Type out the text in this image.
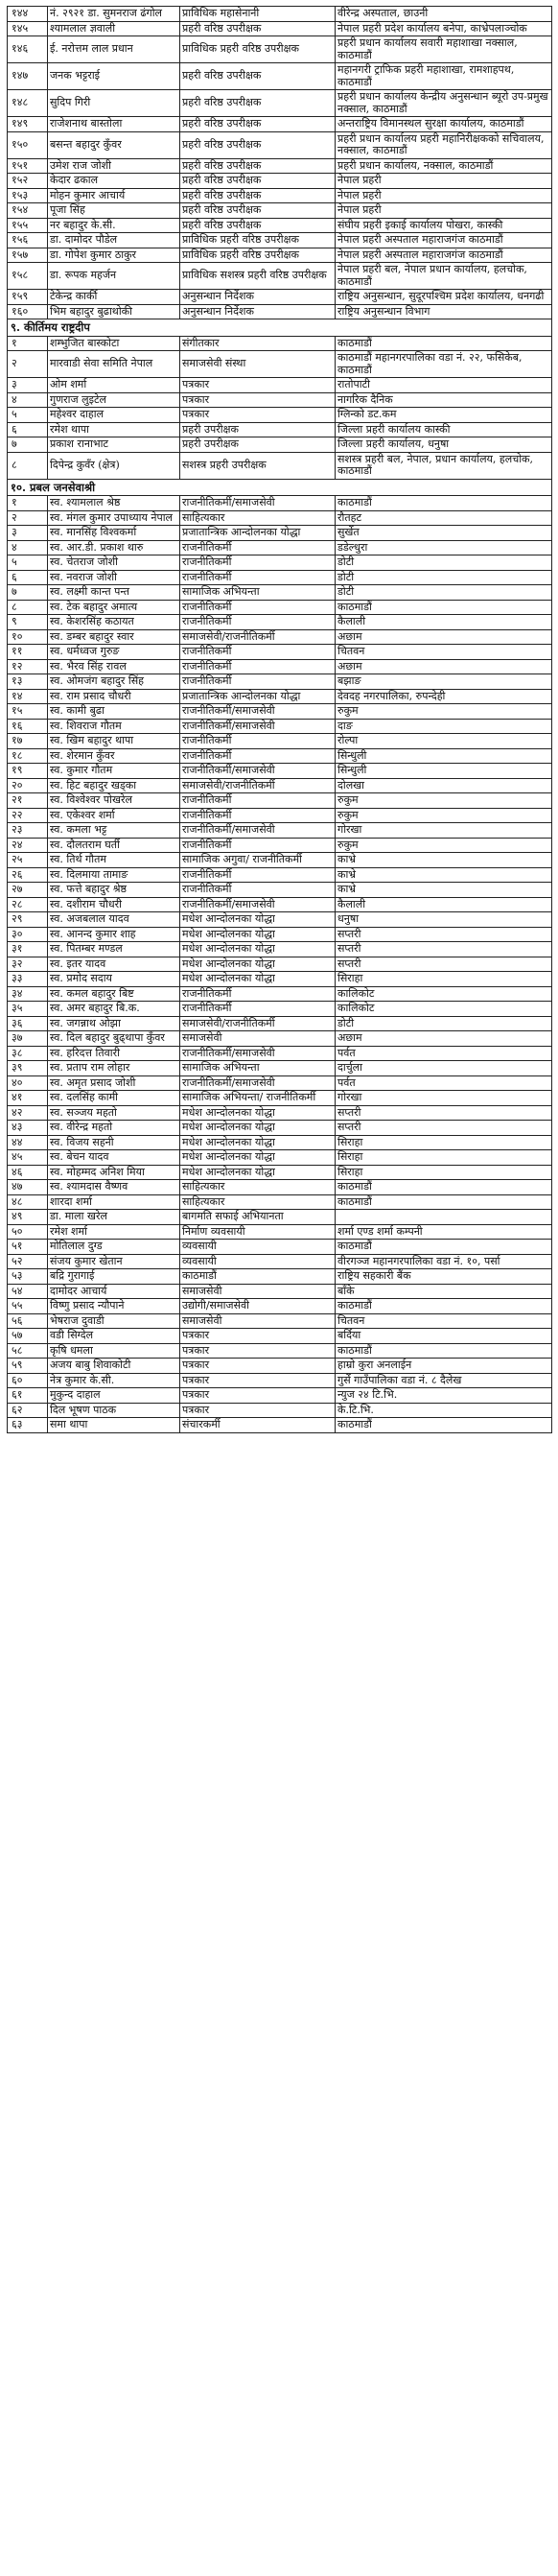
१४४	नं. २९२१ डा. सुमनराज ढंगोल	प्राविधिक महासेनानी	वीरेन्द्र अस्पताल, छाउनी
१४५	श्यामलाल ज्ञवाली	प्रहरी वरिष्ठ उपरीक्षक	नेपाल प्रहरी प्रदेश कार्यालय बनेपा, काभ्रेपलाञ्चोक
१४६	ई. नरोत्तम लाल प्रधान	प्राविधिक प्रहरी वरिष्ठ उपरीक्षक	प्रहरी प्रधान कार्यालय सवारी महाशाखा नक्साल, काठमाडौं
१४७	जनक भट्टराई	प्रहरी वरिष्ठ उपरीक्षक	महानगरी ट्राफिक प्रहरी महाशाखा, रामशाहपथ, काठमाडौं
१४८	सुदिप गिरी	प्रहरी वरिष्ठ उपरीक्षक	प्रहरी प्रधान कार्यालय केन्द्रीय अनुसन्धान ब्यूरो उप-प्रमुख नक्साल, काठमाडौं
१४९	राजेशनाथ बास्तोला	प्रहरी वरिष्ठ उपरीक्षक	अन्तराष्ट्रिय विमानस्थल सुरक्षा कार्यालय, काठमाडौं
१५०	बसन्त बहादुर कुँवर	प्रहरी वरिष्ठ उपरीक्षक	प्रहरी प्रधान कार्यालय प्रहरी महानिरीक्षकको सचिवालय, नक्साल, काठमाडौं
१५१	उमेश राज जोशी	प्रहरी वरिष्ठ उपरीक्षक	प्रहरी प्रधान कार्यालय, नक्साल, काठमाडौं
१५२	केदार ढकाल	प्रहरी वरिष्ठ उपरीक्षक	नेपाल प्रहरी
१५३	मोहन कुमार आचार्य	प्रहरी वरिष्ठ उपरीक्षक	नेपाल प्रहरी
१५४	पूजा सिंह	प्रहरी वरिष्ठ उपरीक्षक	नेपाल प्रहरी
१५५	नर बहादुर के.सी.	प्रहरी वरिष्ठ उपरीक्षक	संघीय प्रहरी इकाई कार्यालय पोखरा, कास्की
१५६	डा. दामोदर पौडेल	प्राविधिक प्रहरी वरिष्ठ उपरीक्षक	नेपाल प्रहरी अस्पताल महाराजगंज काठमाडौं
१५७	डा. गोपेश कुमार ठाकुर	प्राविधिक प्रहरी वरिष्ठ उपरीक्षक	नेपाल प्रहरी अस्पताल महाराजगंज काठमाडौं
१५८	डा. रूपक महर्जन	प्राविधिक सशस्त्र प्रहरी वरिष्ठ उपरीक्षक	नेपाल प्रहरी बल, नेपाल प्रधान कार्यालय, हलचोक, काठमाडौं
१५९	टेकेन्द्र कार्की	अनुसन्धान निर्देशक	राष्ट्रिय अनुसन्धान, सुदूरपश्चिम प्रदेश कार्यालय, धनगढी
१६०	भिम बहादुर बुढाथोकी	अनुसन्धान निर्देशक	राष्ट्रिय अनुसन्धान विभाग
९. कीर्तिमय राष्ट्रदीप			
१	शम्भुजित बास्कोटा	संगीतकार	काठमाडौं
२	मारवाडी सेवा समिति नेपाल	समाजसेवी संस्था	काठमाडौं महानगरपालिका वडा नं. २२, फसिकेब, काठमाडौं
३	ओम शर्मा	पत्रकार	रातोपाटी
४	गुणराज लुइटेल	पत्रकार	नागरिक दैनिक
५	महेश्वर दाहाल	पत्रकार	ग्लिन्को डट.कम
६	रमेश थापा	प्रहरी उपरीक्षक	जिल्ला प्रहरी कार्यालय कास्की
७	प्रकाश रानाभाट	प्रहरी उपरीक्षक	जिल्ला प्रहरी कार्यालय, धनुषा
८	दिपेन्द्र कुवँर (क्षेत्र)	सशस्त्र प्रहरी उपरीक्षक	सशस्त्र प्रहरी बल, नेपाल, प्रधान कार्यालय, हलचोक, काठमाडौं
१०. प्रबल जनसेवाश्री			
१	स्व. श्यामलाल श्रेष्ठ	राजनीतिकर्मी/समाजसेवी	काठमाडौं
२	स्व. मंगल कुमार उपाध्याय नेपाल	साहित्यकार	रौतहट
३	स्व. मानसिंह विश्वकर्मा	प्रजातान्त्रिक आन्दोलनका योद्धा	सुर्खेत
४	स्व. आर.डी. प्रकाश थारु	राजनीतिकर्मी	डडेल्धुरा
५	स्व. चेतराज जोशी	राजनीतिकर्मी	डोटी
६	स्व. नवराज जोशी	राजनीतिकर्मी	डोटी
७	स्व. लक्ष्मी कान्त पन्त	सामाजिक अभियन्ता	डोटी
८	स्व. टेक बहादुर अमात्य	राजनीतिकर्मी	काठमाडौं
९	स्व. केशरसिंह कठायत	राजनीतिकर्मी	कैलाली
१०	स्व. डम्बर बहादुर स्वार	समाजसेवी/राजनीतिकर्मी	अछाम
११	स्व. धर्मध्वज गुरुङ	राजनीतिकर्मी	चितवन
१२	स्व. भैरव सिंह रावल	राजनीतिकर्मी	अछाम
१३	स्व. ओमजंग बहादुर सिंह	राजनीतिकर्मी	बझाङ
१४	स्व. राम प्रसाद चौधरी	प्रजातान्त्रिक आन्दोलनका योद्धा	देवदह नगरपालिका, रुपन्देही
१५	स्व. कामी बुढा	राजनीतिकर्मी/समाजसेवी	रुकुम
१६	स्व. शिवराज गौतम	राजनीतिकर्मी/समाजसेवी	दाङ
१७	स्व. खिम बहादुर थापा	राजनीतिकर्मी	रोल्पा
१८	स्व. शेरमान कुँवर	राजनीतिकर्मी	सिन्धुली
१९	स्व. कुमार गौतम	राजनीतिकर्मी/समाजसेवी	सिन्धुली
२०	स्व. हिट बहादुर खड्का	समाजसेवी/राजनीतिकर्मी	दोलखा
२१	स्व. विश्वेश्वर पोखरेल	राजनीतिकर्मी	रुकुम
२२	स्व. एकेश्वर शर्मा	राजनीतिकर्मी	रुकुम
२३	स्व. कमला भट्ट	राजनीतिकर्मी/समाजसेवी	गोरखा
२४	स्व. दौलतराम घर्ती	राजनीतिकर्मी	रुकुम
२५	स्व. तिर्थ गौतम	सामाजिक अगुवा/ राजनीतिकर्मी	काभ्रे
२६	स्व. दिलमाया तामाङ	राजनीतिकर्मी	काभ्रे
२७	स्व. फत्ते बहादुर श्रेष्ठ	राजनीतिकर्मी	काभ्रे
२८	स्व. दशीराम चौधरी	राजनीतिकर्मी/समाजसेवी	कैलाली
२९	स्व. अजबलाल यादव	मधेश आन्दोलनका योद्धा	धनुषा
३०	स्व. आनन्द कुमार शाह	मधेश आन्दोलनका योद्धा	सप्तरी
३१	स्व. पितम्बर मण्डल	मधेश आन्दोलनका योद्धा	सप्तरी
३२	स्व. इतर यादव	मधेश आन्दोलनका योद्धा	सप्तरी
३३	स्व. प्रमोद सदाय	मधेश आन्दोलनका योद्धा	सिराहा
३४	स्व. कमल बहादुर बिष्ट	राजनीतिकर्मी	कालिकोट
३५	स्व. अमर बहादुर बि.क.	राजनीतिकर्मी	कालिकोट
३६	स्व. जगन्नाथ ओझा	समाजसेवी/राजनीतिकर्मी	डोटी
३७	स्व. दिल बहादुर बुढ्थापा कुँवर	समाजसेवी	अछाम
३८	स्व. हरिदत्त तिवारी	राजनीतिकर्मी/समाजसेवी	पर्वत
३९	स्व. प्रताप राम लोहार	सामाजिक अभियन्ता	दार्चुला
४०	स्व. अमृत प्रसाद जोशी	राजनीतिकर्मी/समाजसेवी	पर्वत
४१	स्व. दलसिंह कामी	सामाजिक अभियन्ता/ राजनीतिकर्मी	गोरखा
४२	स्व. सञ्जय महतो	मधेश आन्दोलनका योद्धा	सप्तरी
४३	स्व. वीरेन्द्र महतो	मधेश आन्दोलनका योद्धा	सप्तरी
४४	स्व. विजय सहनी	मधेश आन्दोलनका योद्धा	सिराहा
४५	स्व. बेचन यादव	मधेश आन्दोलनका योद्धा	सिराहा
४६	स्व. मोहम्मद अनिश मिया	मधेश आन्दोलनका योद्धा	सिराहा
४७	स्व. श्यामदास वैष्णव	साहित्यकार	काठमाडौं
४८	शारदा शर्मा	साहित्यकार	काठमाडौं
४९	डा. माला खरेल	बागमति सफाई अभियानता	
५०	रमेश शर्मा	निर्माण व्यवसायी	शर्मा एण्ड शर्मा कम्पनी
५१	मोतिलाल दुग्ड	व्यवसायी	काठमाडौं
५२	संजय कुमार खेतान	व्यवसायी	वीरगञ्ज महानगरपालिका वडा नं. १०, पर्सा
५३	बद्रि गुरागाई	काठमाडौं	राष्ट्रिय सहकारी बैंक
५४	दामोदर आचार्य	समाजसेवी	बाँके
५५	विष्णु प्रसाद न्यौपाने	उद्योगी/समाजसेवी	काठमाडौं
५६	भेषराज दुवाडी	समाजसेवी	चितवन
५७	वडी सिग्देल	पत्रकार	बर्दिया
५८	कृषि धमला	पत्रकार	काठमाडौं
५९	अजय बाबु शिवाकोटी	पत्रकार	हाम्रो कुरा अनलाईन
६०	नेत्र कुमार के.सी.	पत्रकार	गुर्से गाउँपालिका वडा नं. ८ दैलेख
६१	मुकुन्द दाहाल	पत्रकार	न्युज २४ टि.भि.
६२	दिल भूषण पाठक	पत्रकार	के.टि.भि.
६३	समा थापा	संचारकर्मी	काठमाडौं
